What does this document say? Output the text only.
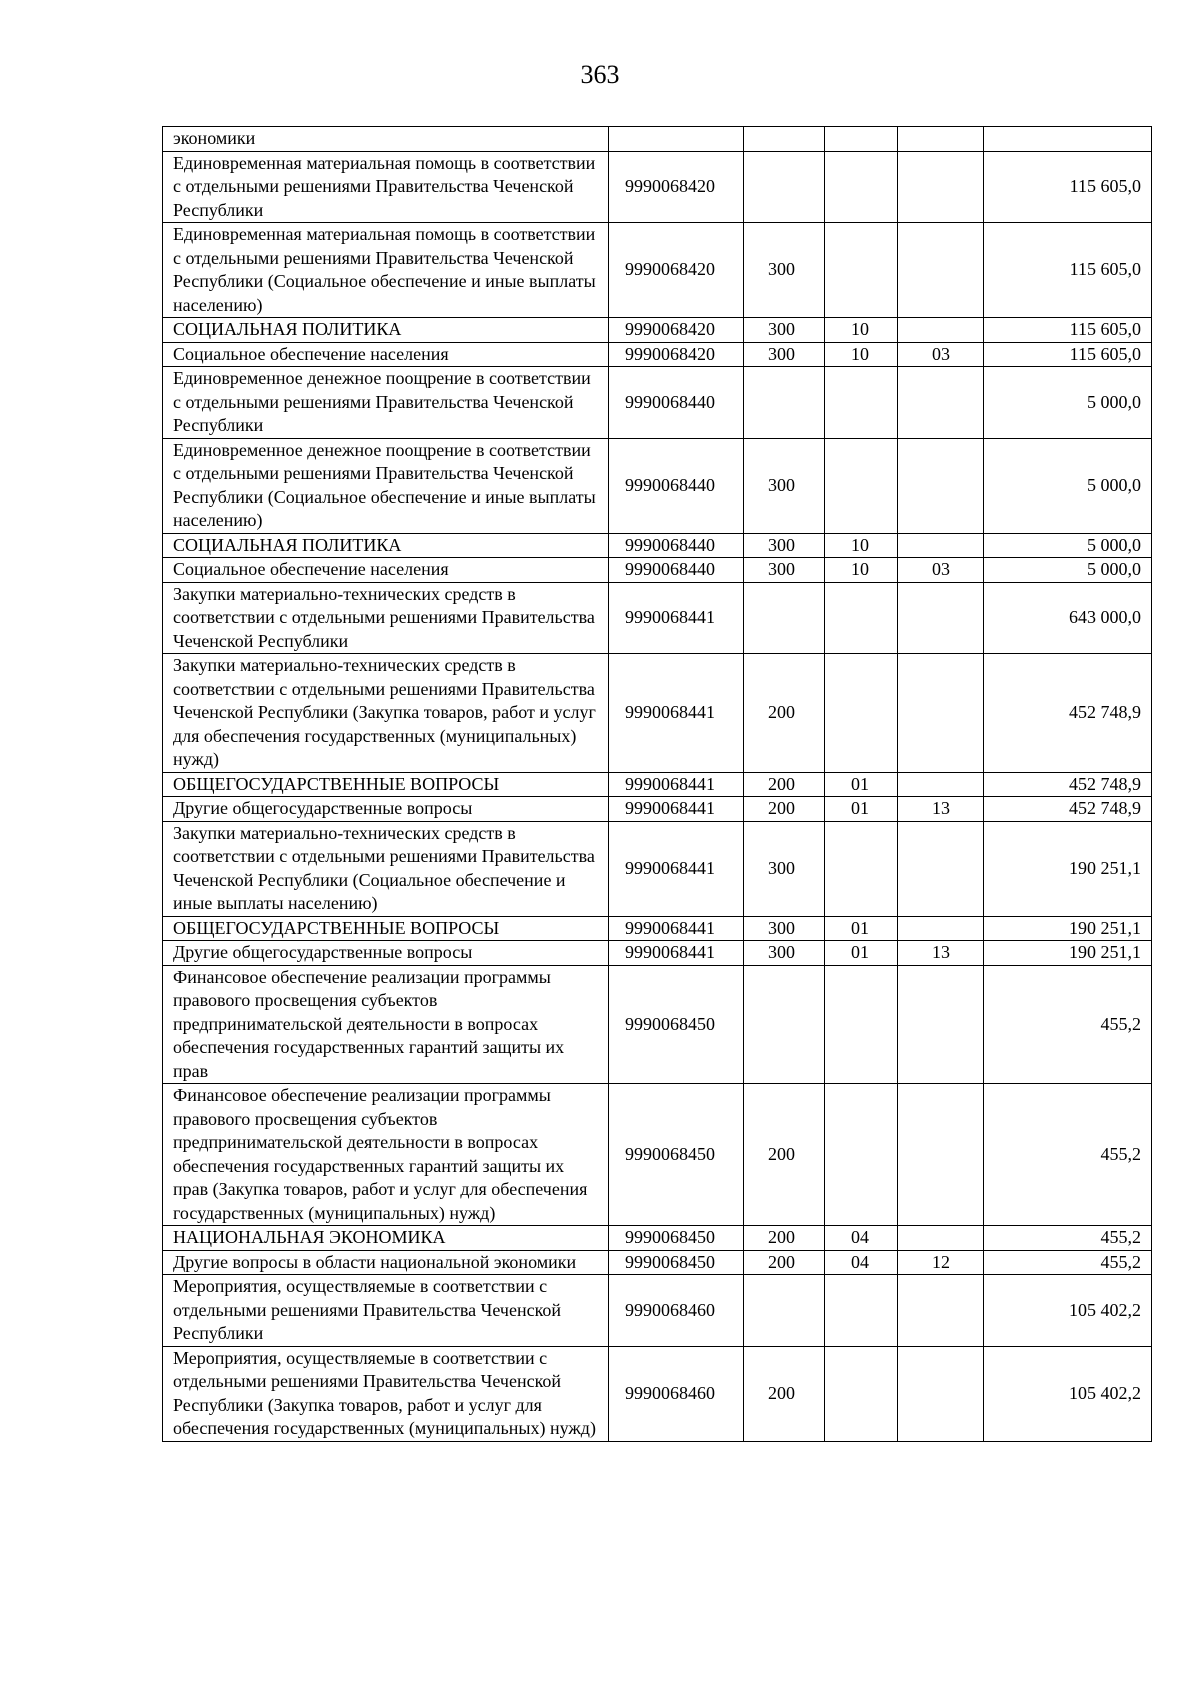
363
экономики					
Единовременная материальная помощь в соответствии с отдельными решениями Правительства Чеченской Республики	9990068420				115 605,0
Единовременная материальная помощь в соответствии с отдельными решениями Правительства Чеченской Республики (Социальное обеспечение и иные выплаты населению)	9990068420	300			115 605,0
СОЦИАЛЬНАЯ ПОЛИТИКА	9990068420	300	10		115 605,0
Социальное обеспечение населения	9990068420	300	10	03	115 605,0
Единовременное денежное поощрение в соответствии с отдельными решениями Правительства Чеченской Республики	9990068440				5 000,0
Единовременное денежное поощрение в соответствии с отдельными решениями Правительства Чеченской Республики (Социальное обеспечение и иные выплаты населению)	9990068440	300			5 000,0
СОЦИАЛЬНАЯ ПОЛИТИКА	9990068440	300	10		5 000,0
Социальное обеспечение населения	9990068440	300	10	03	5 000,0
Закупки материально-технических средств в соответствии с отдельными решениями Правительства Чеченской Республики	9990068441				643 000,0
Закупки материально-технических средств в соответствии с отдельными решениями Правительства Чеченской Республики (Закупка товаров, работ и услуг для обеспечения государственных (муниципальных) нужд)	9990068441	200			452 748,9
ОБЩЕГОСУДАРСТВЕННЫЕ ВОПРОСЫ	9990068441	200	01		452 748,9
Другие общегосударственные вопросы	9990068441	200	01	13	452 748,9
Закупки материально-технических средств в соответствии с отдельными решениями Правительства Чеченской Республики (Социальное обеспечение и иные выплаты населению)	9990068441	300			190 251,1
ОБЩЕГОСУДАРСТВЕННЫЕ ВОПРОСЫ	9990068441	300	01		190 251,1
Другие общегосударственные вопросы	9990068441	300	01	13	190 251,1
Финансовое обеспечение реализации программы правового просвещения субъектов предпринимательской деятельности в вопросах обеспечения государственных гарантий защиты их прав	9990068450				455,2
Финансовое обеспечение реализации программы правового просвещения субъектов предпринимательской деятельности в вопросах обеспечения государственных гарантий защиты их прав (Закупка товаров, работ и услуг для обеспечения государственных (муниципальных) нужд)	9990068450	200			455,2
НАЦИОНАЛЬНАЯ ЭКОНОМИКА	9990068450	200	04		455,2
Другие вопросы в области национальной экономики	9990068450	200	04	12	455,2
Мероприятия, осуществляемые в соответствии с отдельными решениями Правительства Чеченской Республики	9990068460				105 402,2
Мероприятия, осуществляемые в соответствии с отдельными решениями Правительства Чеченской Республики (Закупка товаров, работ и услуг для обеспечения государственных (муниципальных) нужд)	9990068460	200			105 402,2
